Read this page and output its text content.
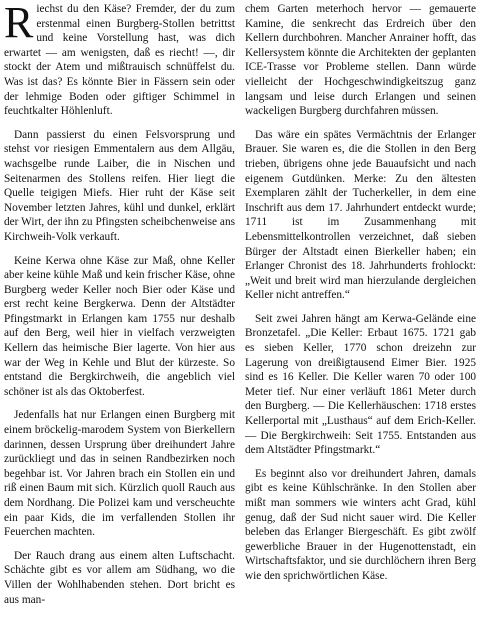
Riechst du den Käse? Fremder, der du zum erstenmal einen Burgberg-Stollen betrittst und keine Vorstellung hast, was dich erwartet — am wenigsten, daß es riecht! —, dir stockt der Atem und mißtrauisch schnüffelst du. Was ist das? Es könnte Bier in Fässern sein oder der lehmige Boden oder giftiger Schimmel in feuchtkalter Höhlenluft.

Dann passierst du einen Felsvorsprung und stehst vor riesigen Emmentalern aus dem Allgäu, wachsgelbe runde Laiber, die in Nischen und Seitenarmen des Stollens reifen. Hier liegt die Quelle teigigen Miefs. Hier ruht der Käse seit November letzten Jahres, kühl und dunkel, erklärt der Wirt, der ihn zu Pfingsten scheibchenweise ans Kirchweih-Volk verkauft.

Keine Kerwa ohne Käse zur Maß, ohne Keller aber keine kühle Maß und kein frischer Käse, ohne Burgberg weder Keller noch Bier oder Käse und erst recht keine Bergkerwa. Denn der Altstädter Pfingstmarkt in Erlangen kam 1755 nur deshalb auf den Berg, weil hier in vielfach verzweigten Kellern das heimische Bier lagerte. Von hier aus war der Weg in Kehle und Blut der kürzeste. So entstand die Bergkirchweih, die angeblich viel schöner ist als das Oktoberfest.

Jedenfalls hat nur Erlangen einen Burgberg mit einem bröckelig-marodem System von Bierkellern darinnen, dessen Ursprung über dreihundert Jahre zurückliegt und das in seinen Randbezirken noch begehbar ist. Vor Jahren brach ein Stollen ein und riß einen Baum mit sich. Kürzlich quoll Rauch aus dem Nordhang. Die Polizei kam und verscheuchte ein paar Kids, die im verfallenden Stollen ihr Feuerchen machten.

Der Rauch drang aus einem alten Luftschacht. Schächte gibt es vor allem am Südhang, wo die Villen der Wohlhabenden stehen. Dort bricht es aus man-

chem Garten meterhoch hervor — gemauerte Kamine, die senkrecht das Erdreich über den Kellern durchbohren. Mancher Anrainer hofft, das Kellersystem könnte die Architekten der geplanten ICE-Trasse vor Probleme stellen. Dann würde vielleicht der Hochgeschwindigkeitszug ganz langsam und leise durch Erlangen und seinen wackeligen Burgberg durchfahren müssen.

Das wäre ein spätes Vermächtnis der Erlanger Brauer. Sie waren es, die die Stollen in den Berg trieben, übrigens ohne jede Bauaufsicht und nach eigenem Gutdünken. Merke: Zu den ältesten Exemplaren zählt der Tucherkeller, in dem eine Inschrift aus dem 17. Jahrhundert entdeckt wurde; 1711 ist im Zusammenhang mit Lebensmittelkontrollen verzeichnet, daß sieben Bürger der Altstadt einen Bierkeller haben; ein Erlanger Chronist des 18. Jahrhunderts frohlockt: „Weit und breit wird man hierzulande dergleichen Keller nicht antreffen.“

Seit zwei Jahren hängt am Kerwa-Gelände eine Bronzetafel. „Die Keller: Erbaut 1675. 1721 gab es sieben Keller, 1770 schon dreizehn zur Lagerung von dreißigtausend Eimer Bier. 1925 sind es 16 Keller. Die Keller waren 70 oder 100 Meter tief. Nur einer verläuft 1861 Meter durch den Burgberg. — Die Kellerhäuschen: 1718 erstes Kellerportal mit „Lusthaus“ auf dem Erich-Keller. — Die Bergkirchweih: Seit 1755. Entstanden aus dem Altstädter Pfingstmarkt.“

Es beginnt also vor dreihundert Jahren, damals gibt es keine Kühlschränke. In den Stollen aber mißt man sommers wie winters acht Grad, kühl genug, daß der Sud nicht sauer wird. Die Keller beleben das Erlanger Biergeschäft. Es gibt zwölf gewerbliche Brauer in der Hugenottenstadt, ein Wirtschaftsfaktor, und sie durchlöchern ihren Berg wie den sprichwörtlichen Käse.
